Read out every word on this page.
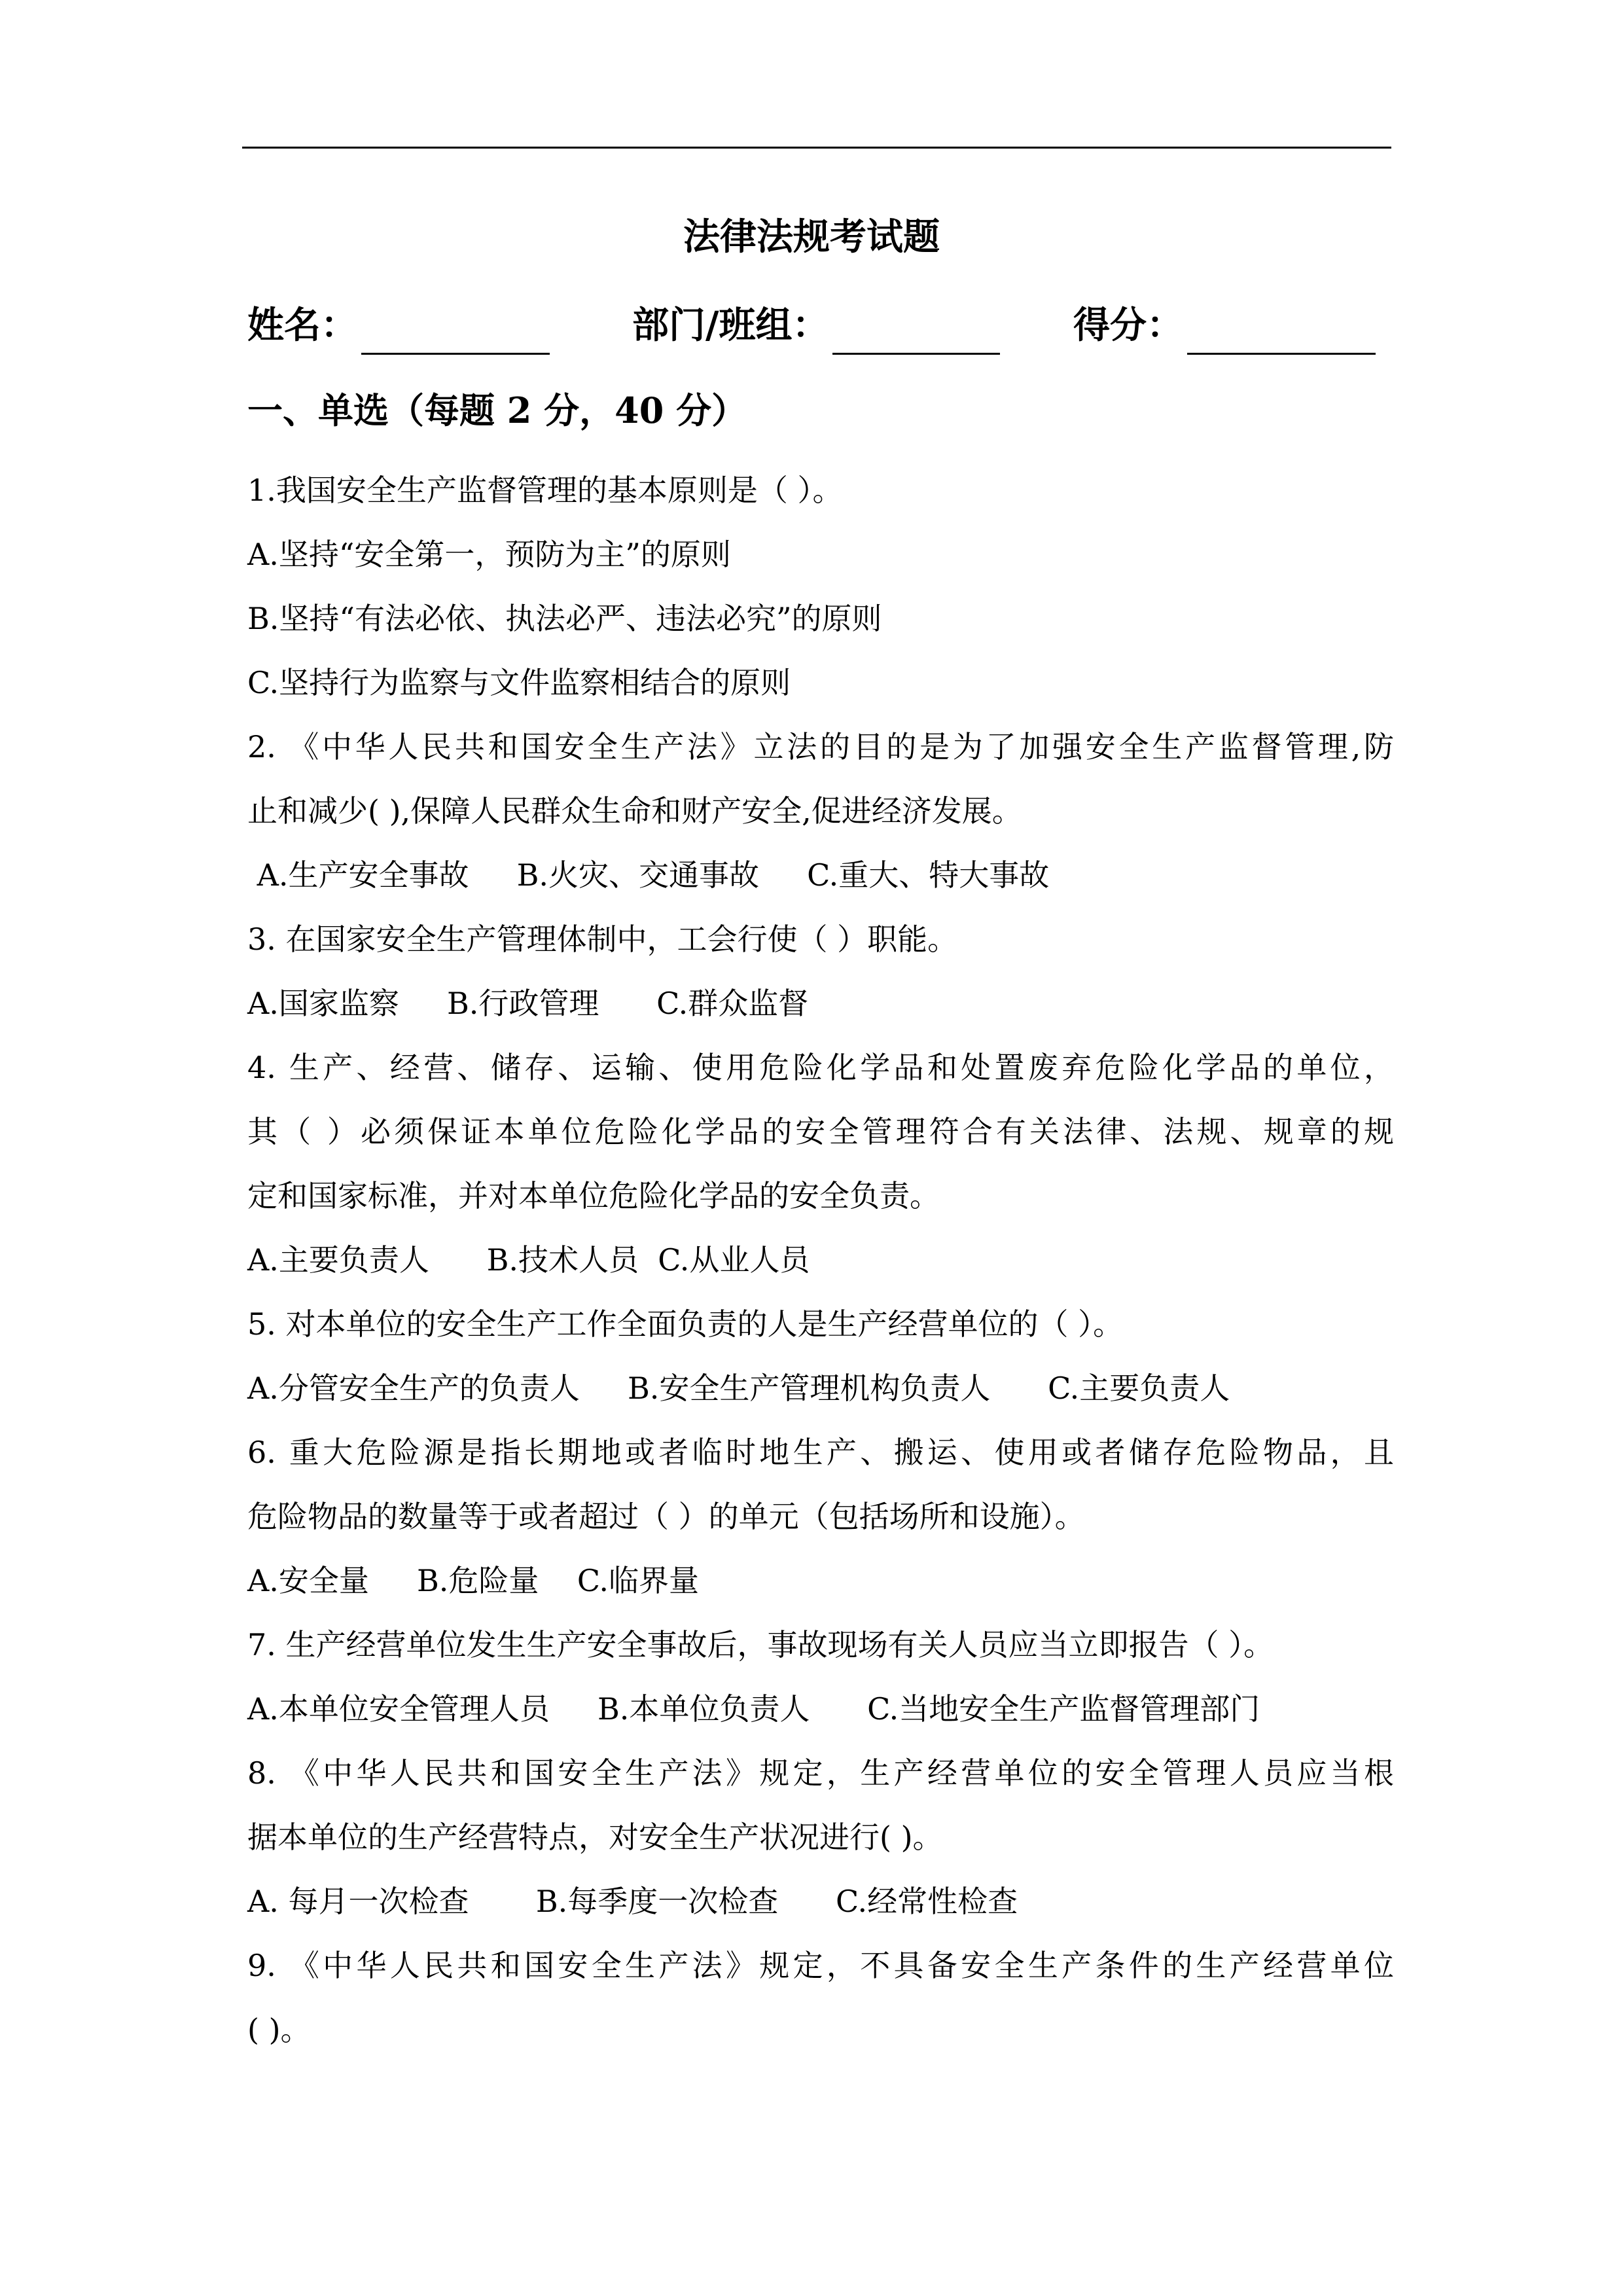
法律法规考试题
姓名：	部门/班组：	得分：
一、单选（每题 2 分，40 分）
1.我国安全生产监督管理的基本原则是（ ）。
A.坚持“安全第一，预防为主”的原则
B.坚持“有法必依、执法必严、违法必究”的原则
C.坚持行为监察与文件监察相结合的原则
2. 《中华人民共和国安全生产法》立法的目的是为了加强安全生产监督管理,防
止和减少( ),保障人民群众生命和财产安全,促进经济发展。
A.生产安全事故     B.火灾、交通事故     C.重大、特大事故
3. 在国家安全生产管理体制中，工会行使（ ）职能。
A.国家监察     B.行政管理      C.群众监督
4. 生产、经营、储存、运输、使用危险化学品和处置废弃危险化学品的单位，
其（ ）必须保证本单位危险化学品的安全管理符合有关法律、法规、规章的规
定和国家标准，并对本单位危险化学品的安全负责。
A.主要负责人      B.技术人员  C.从业人员
5. 对本单位的安全生产工作全面负责的人是生产经营单位的（ ）。
A.分管安全生产的负责人     B.安全生产管理机构负责人      C.主要负责人
6. 重大危险源是指长期地或者临时地生产、搬运、使用或者储存危险物品，且
危险物品的数量等于或者超过（ ）的单元（包括场所和设施）。
A.安全量     B.危险量    C.临界量
7. 生产经营单位发生生产安全事故后，事故现场有关人员应当立即报告（ ）。
A.本单位安全管理人员     B.本单位负责人      C.当地安全生产监督管理部门
8. 《中华人民共和国安全生产法》规定，生产经营单位的安全管理人员应当根
据本单位的生产经营特点，对安全生产状况进行( )。
A. 每月一次检查       B.每季度一次检查      C.经常性检查
9. 《中华人民共和国安全生产法》规定，不具备安全生产条件的生产经营单位
( )。
